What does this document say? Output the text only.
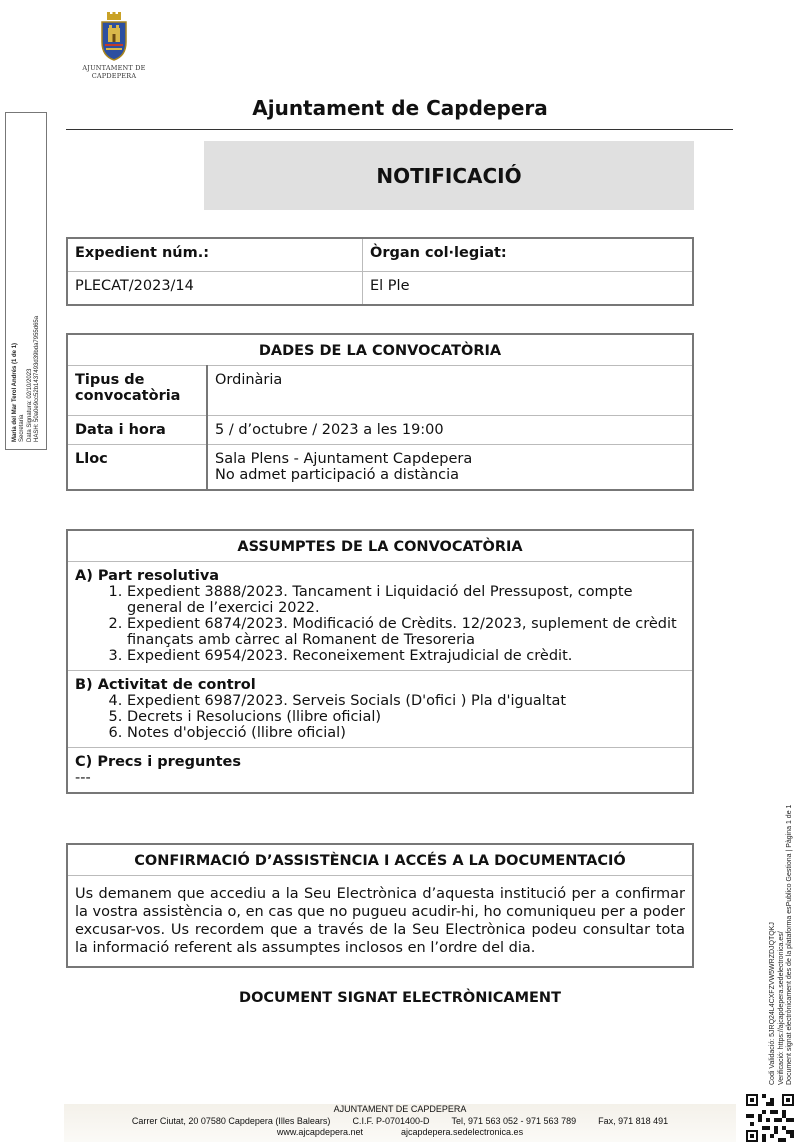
AJUNTAMENT DE CAPDEPERA
Maria del Mar Terol Andrés (1 de 1) Secretaria Data Signatura: 02/10/2023 HASH: 50a0e9cc52b1437493d39bda7955d65a
Ajuntament de Capdepera
NOTIFICACIÓ
Expedient núm.:	Òrgan col·legiat:
PLECAT/2023/14	El Ple
DADES DE LA CONVOCATÒRIA	
Tipus de convocatòria	Ordinària
Data i hora	5 / d’octubre / 2023 a les 19:00
Lloc	Sala Plens - Ajuntament Capdepera
No admet participació a distància
ASSUMPTES DE LA CONVOCATÒRIA

A) Part resolutiva
1. Expedient 3888/2023. Tancament i Liquidació del Pressupost, compte general de l’exercici 2022.
2. Expedient 6874/2023. Modificació de Crèdits. 12/2023, suplement de crèdit finançats amb càrrec al Romanent de Tresoreria
3. Expedient 6954/2023. Reconeixement Extrajudicial de crèdit.

B) Activitat de control
4. Expedient 6987/2023. Serveis Socials (D'ofici ) Pla d'igualtat
5. Decrets i Resolucions (llibre oficial)
6. Notes d'objecció (llibre oficial)

C) Precs i preguntes
---
CONFIRMACIÓ D’ASSISTÈNCIA I ACCÉS A LA DOCUMENTACIÓ
Us demanem que accediu a la Seu Electrònica d’aquesta institució per a confirmar la vostra assistència o, en cas que no pugueu acudir-hi, ho comuniqueu per a poder excusar-vos. Us recordem que a través de la Seu Electrònica podeu consultar tota la informació referent als assumptes inclosos en l’ordre del dia.
DOCUMENT SIGNAT ELECTRÒNICAMENT	Codi Validació: 5JRQ24L4CXFZVW5WRZDJQTQKJ Verificació: https://ajcapdepera.sedelectronica.es/ Document signat electrònicament des de la plataforma esPublico Gestiona | Pàgina 1 de 1
AJUNTAMENT DE CAPDEPERA
Carrer Ciutat, 20 07580 Capdepera (Illes Balears) C.I.F. P-0701400-D Tel, 971 563 052 - 971 563 789 Fax, 971 818 491
www.ajcapdepera.net	ajcapdepera.sedelectronica.es
